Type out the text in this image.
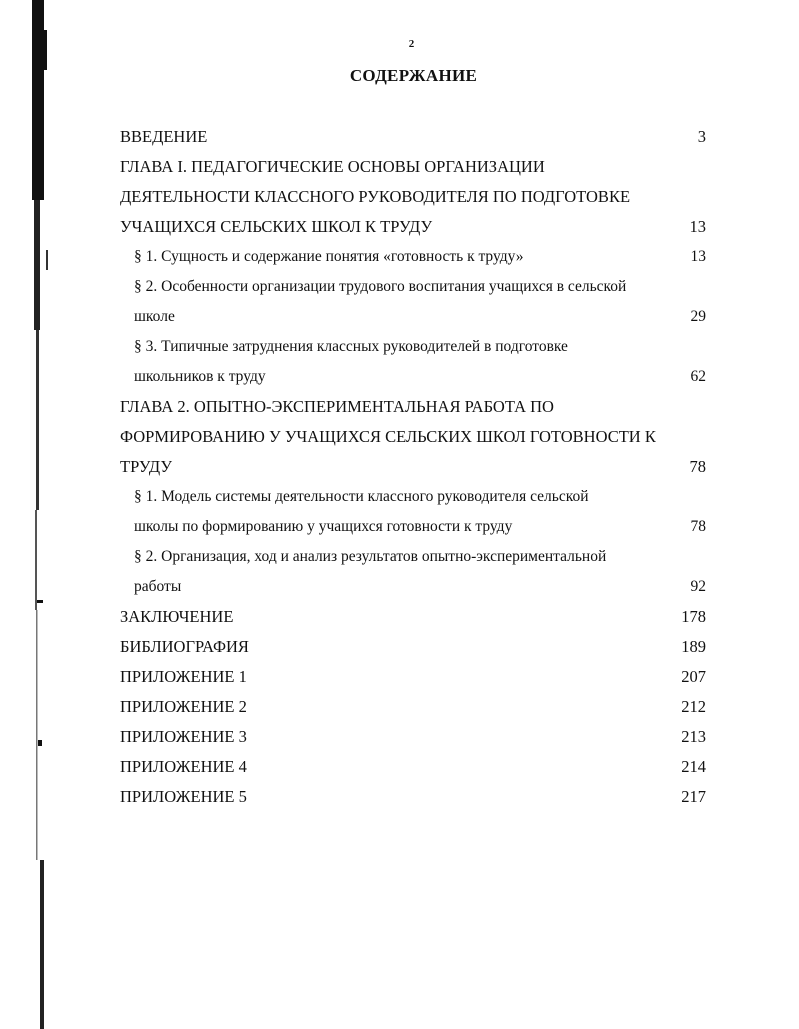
2
СОДЕРЖАНИЕ
ВВЕДЕНИЕ . . .	3
ГЛАВА I. ПЕДАГОГИЧЕСКИЕ ОСНОВЫ ОРГАНИЗАЦИИ
ДЕЯТЕЛЬНОСТИ КЛАССНОГО РУКОВОДИТЕЛЯ ПО ПОДГОТОВКЕ
УЧАЩИХСЯ СЕЛЬСКИХ ШКОЛ К ТРУДУ . . .	13
§ 1. Сущность и содержание понятия «готовность к труду» . . .	13
§ 2. Особенности организации трудового воспитания учащихся в сельской
школе . . .	29
§ 3. Типичные затруднения классных руководителей в подготовке
школьников к труду . . .	62
ГЛАВА 2. ОПЫТНО-ЭКСПЕРИМЕНТАЛЬНАЯ РАБОТА ПО
ФОРМИРОВАНИЮ У УЧАЩИХСЯ СЕЛЬСКИХ ШКОЛ ГОТОВНОСТИ К
ТРУДУ . . .	78
§ 1. Модель системы деятельности классного руководителя сельской
школы по формированию у учащихся готовности к труду . . .	78
§ 2. Организация, ход и анализ результатов опытно-экспериментальной
работы . . .	92
ЗАКЛЮЧЕНИЕ . . .	178
БИБЛИОГРАФИЯ . . .	189
ПРИЛОЖЕНИЕ 1 . . .	207
ПРИЛОЖЕНИЕ 2 . . .	212
ПРИЛОЖЕНИЕ 3 . . .	213
ПРИЛОЖЕНИЕ 4 . . .	214
ПРИЛОЖЕНИЕ 5 . . .	217
